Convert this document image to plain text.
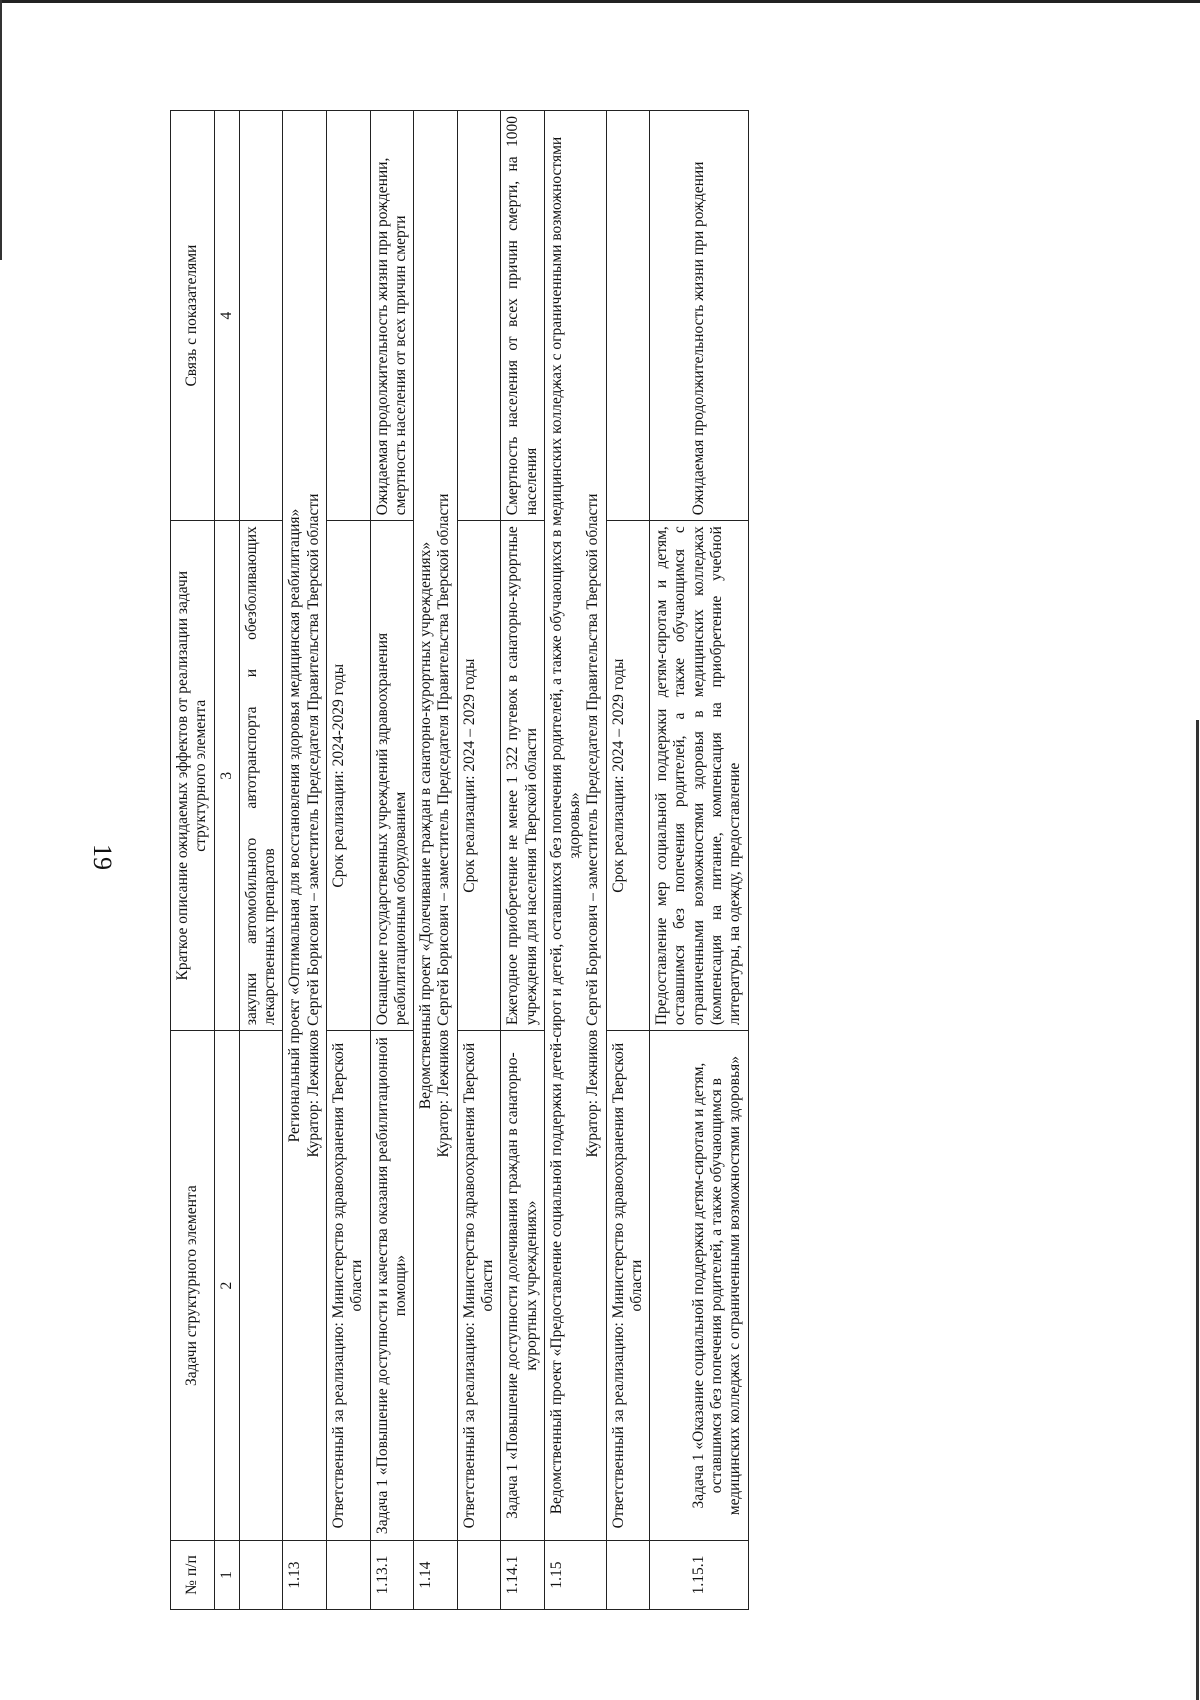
19
№ п/п	Задачи структурного элемента	Краткое описание ожидаемых эффектов от реализации задачи структурного элемента	Связь с показателями
1	2	3	4
		закупки автомобильного автотранспорта и обезболивающих лекарственных препаратов	
1.13	Региональный проект «Оптимальная для восстановления здоровья медицинская реабилитация» Куратор: Лежников Сергей Борисович – заместитель Председателя Правительства Тверской области		

	Ответственный за реализацию: Министерство здравоохранения Тверской области	Срок реализации: 2024-2029 годы	
1.13.1	Задача 1 «Повышение доступности и качества оказания реабилитационной помощи»	Оснащение государственных учреждений здравоохранения реабилитационным оборудованием	Ожидаемая продолжительность жизни при рождении, смертность населения от всех причин смерти
1.14	Ведомственный проект «Долечивание граждан в санаторно-курортных учреждениях» Куратор: Лежников Сергей Борисович – заместитель Председателя Правительства Тверской области		

	Ответственный за реализацию: Министерство здравоохранения Тверской области	Срок реализации: 2024 – 2029 годы	
1.14.1	Задача 1 «Повышение доступности долечивания граждан в санаторно-курортных учреждениях»	Ежегодное приобретение не менее 1 322 путевок в санаторно-курортные учреждения для населения Тверской области	Смертность населения от всех причин смерти, на 1000 населения
1.15	Ведомственный проект «Предоставление социальной поддержки детей-сирот и детей, оставшихся без попечения родителей, а также обучающихся в медицинских колледжах с ограниченными возможностями здоровья» Куратор: Лежников Сергей Борисович – заместитель Председателя Правительства Тверской области		

	Ответственный за реализацию: Министерство здравоохранения Тверской области	Срок реализации: 2024 – 2029 годы	
1.15.1	Задача 1 «Оказание социальной поддержки детям-сиротам и детям, оставшимся без попечения родителей, а также обучающимся в медицинских колледжах с ограниченными возможностями здоровья»	Предоставление мер социальной поддержки детям-сиротам и детям, оставшимся без попечения родителей, а также обучающимся с ограниченными возможностями здоровья в медицинских колледжах (компенсация на питание, компенсация на приобретение учебной литературы, на одежду, предоставление	Ожидаемая продолжительность жизни при рождении
